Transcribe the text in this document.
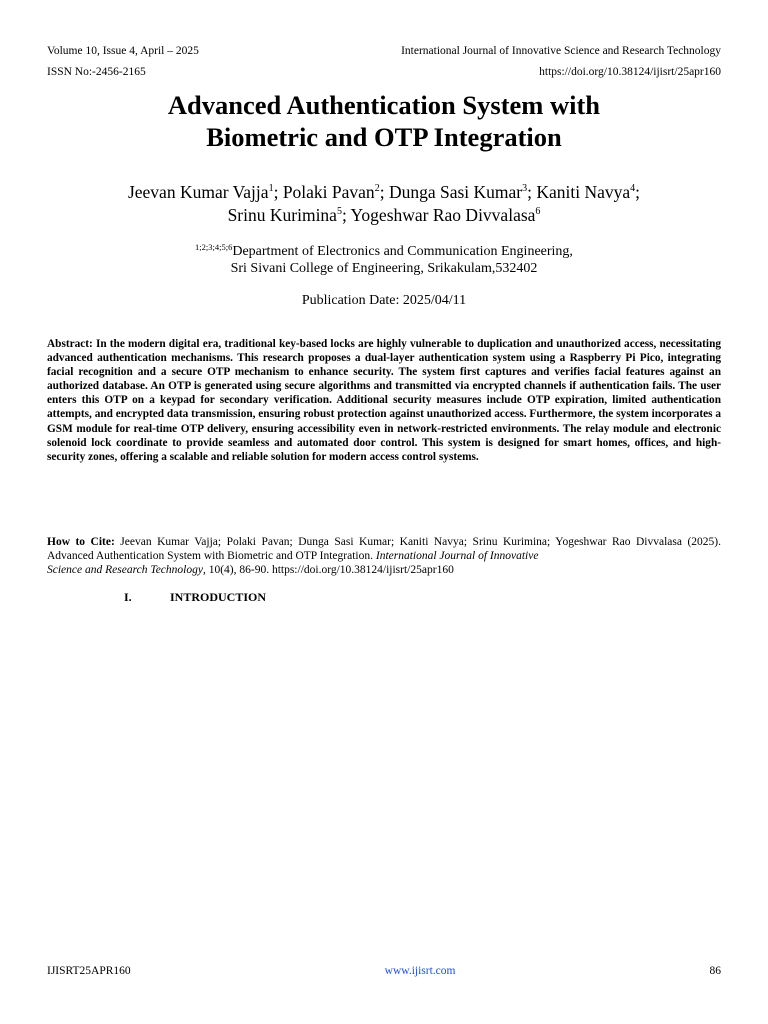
Volume 10, Issue 4, April – 2025	International Journal of Innovative Science and Research Technology
ISSN No:-2456-2165	https://doi.org/10.38124/ijisrt/25apr160
Advanced Authentication System with
Biometric and OTP Integration
Jeevan Kumar Vajja$^1$; Polaki Pavan$^2$; Dunga Sasi Kumar$^3$; Kaniti Navya$^4$;
Srinu Kurimina$^5$; Yogeshwar Rao Divvalasa$^6$
$^{1;2;3;4;5;6}$Department of Electronics and Communication Engineering,
Sri Sivani College of Engineering, Srikakulam,532402
Publication Date: 2025/04/11
Abstract: In the modern digital era, traditional key-based locks are highly vulnerable to duplication and unauthorized access, necessitating advanced authentication mechanisms. This research proposes a dual-layer authentication system using a Raspberry Pi Pico, integrating facial recognition and a secure OTP mechanism to enhance security. The system first captures and verifies facial features against an authorized database. An OTP is generated using secure algorithms and transmitted via encrypted channels if authentication fails. The user enters this OTP on a keypad for secondary verification. Additional security measures include OTP expiration, limited authentication attempts, and encrypted data transmission, ensuring robust protection against unauthorized access. Furthermore, the system incorporates a GSM module for real-time OTP delivery, ensuring accessibility even in network-restricted environments. The relay module and electronic solenoid lock coordinate to provide seamless and automated door control. This system is designed for smart homes, offices, and high-security zones, offering a scalable and reliable solution for modern access control systems.
How to Cite: Jeevan Kumar Vajja; Polaki Pavan; Dunga Sasi Kumar; Kaniti Navya; Srinu Kurimina; Yogeshwar Rao Divvalasa (2025). Advanced Authentication System with Biometric and OTP Integration. International Journal of Innovative
Science and Research Technology, 10(4), 86-90. https://doi.org/10.38124/ijisrt/25apr160
I.	INTRODUCTION
IJISRT25APR160	www.ijisrt.com	86
